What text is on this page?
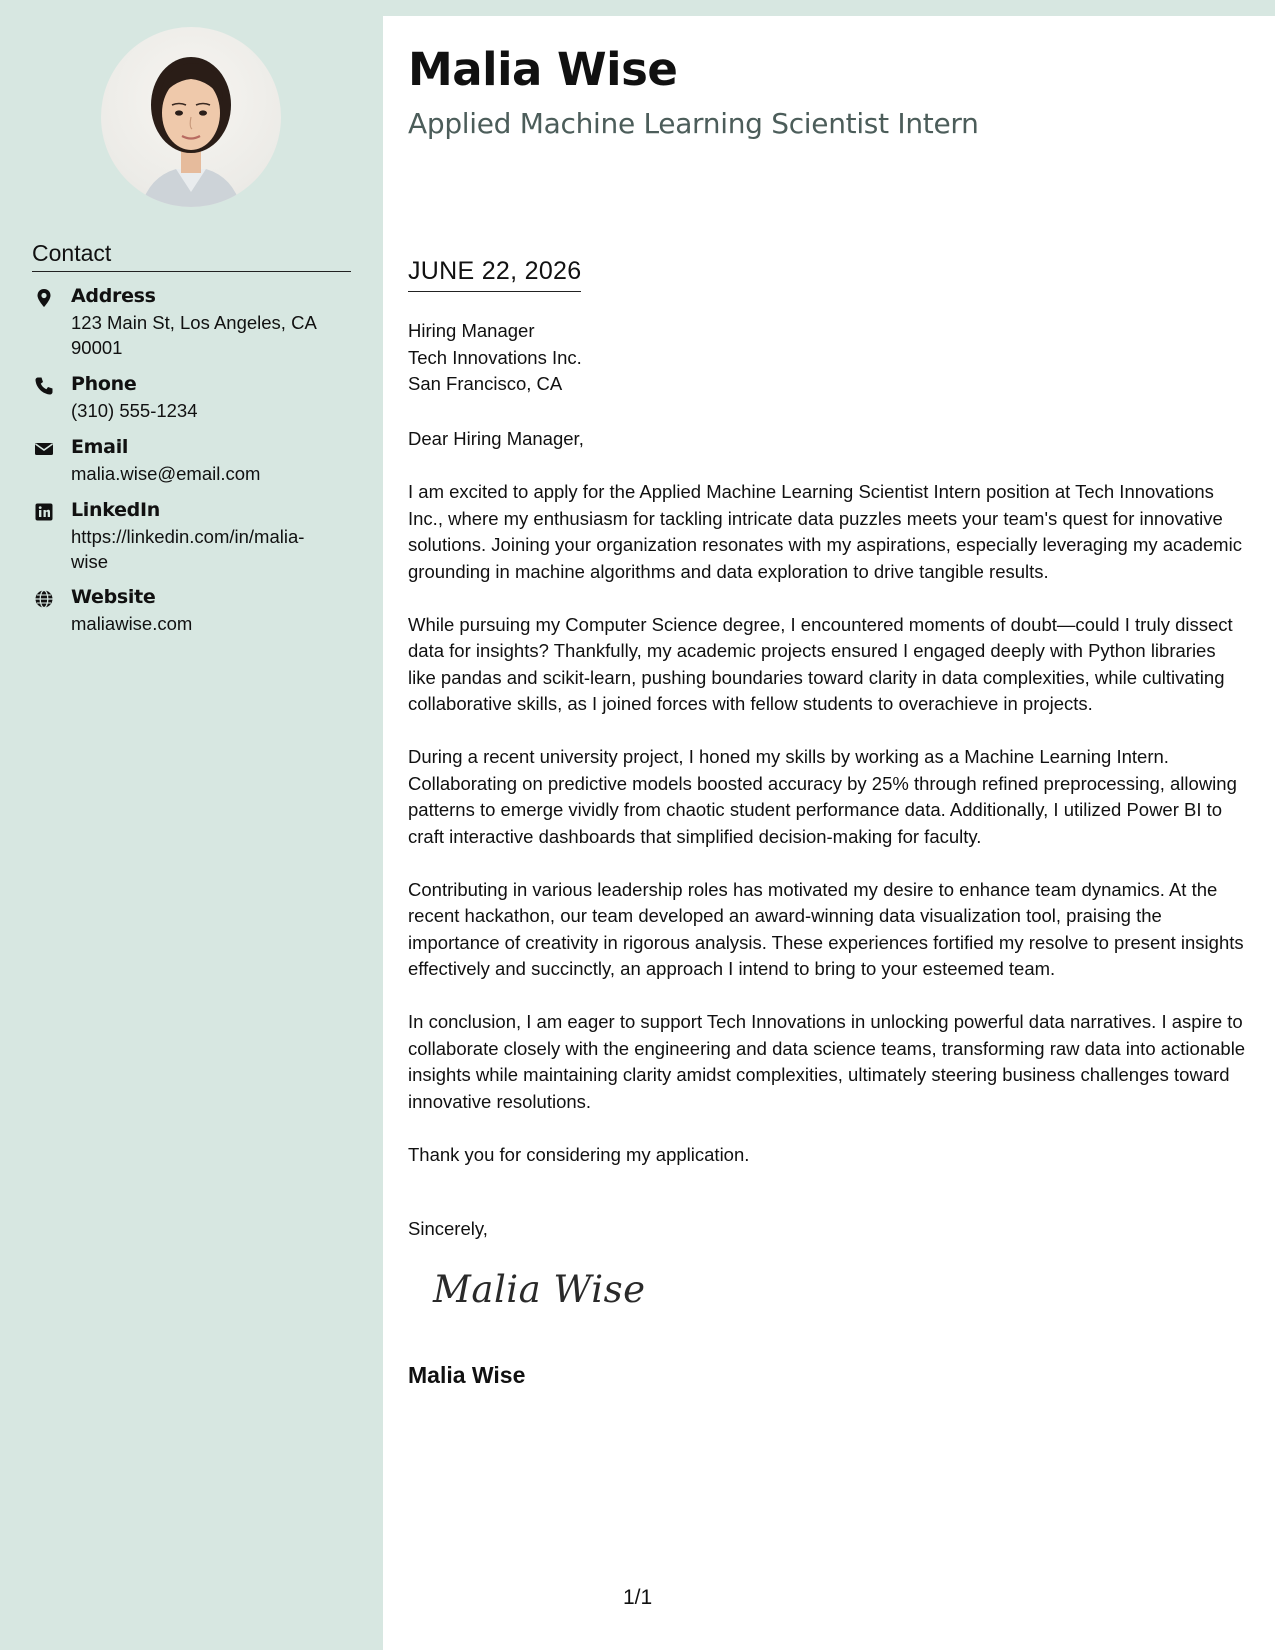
Contact
Address
123 Main St, Los Angeles, CA 90001
Phone
(310) 555-1234
Email
malia.wise@email.com
LinkedIn
https://linkedin.com/in/malia-wise
Website
maliawise.com
Malia Wise
Applied Machine Learning Scientist Intern
JUNE 22, 2026
Hiring Manager
Tech Innovations Inc.
San Francisco, CA

Dear Hiring Manager,

I am excited to apply for the Applied Machine Learning Scientist Intern position at Tech Innovations Inc., where my enthusiasm for tackling intricate data puzzles meets your team's quest for innovative solutions. Joining your organization resonates with my aspirations, especially leveraging my academic grounding in machine algorithms and data exploration to drive tangible results.

While pursuing my Computer Science degree, I encountered moments of doubt—could I truly dissect data for insights? Thankfully, my academic projects ensured I engaged deeply with Python libraries like pandas and scikit-learn, pushing boundaries toward clarity in data complexities, while cultivating collaborative skills, as I joined forces with fellow students to overachieve in projects.

During a recent university project, I honed my skills by working as a Machine Learning Intern. Collaborating on predictive models boosted accuracy by 25% through refined preprocessing, allowing patterns to emerge vividly from chaotic student performance data. Additionally, I utilized Power BI to craft interactive dashboards that simplified decision-making for faculty.

Contributing in various leadership roles has motivated my desire to enhance team dynamics. At the recent hackathon, our team developed an award-winning data visualization tool, praising the importance of creativity in rigorous analysis. These experiences fortified my resolve to present insights effectively and succinctly, an approach I intend to bring to your esteemed team.

In conclusion, I am eager to support Tech Innovations in unlocking powerful data narratives. I aspire to collaborate closely with the engineering and data science teams, transforming raw data into actionable insights while maintaining clarity amidst complexities, ultimately steering business challenges toward innovative resolutions.

Thank you for considering my application.

Sincerely,
Malia Wise
Malia Wise
1/1
